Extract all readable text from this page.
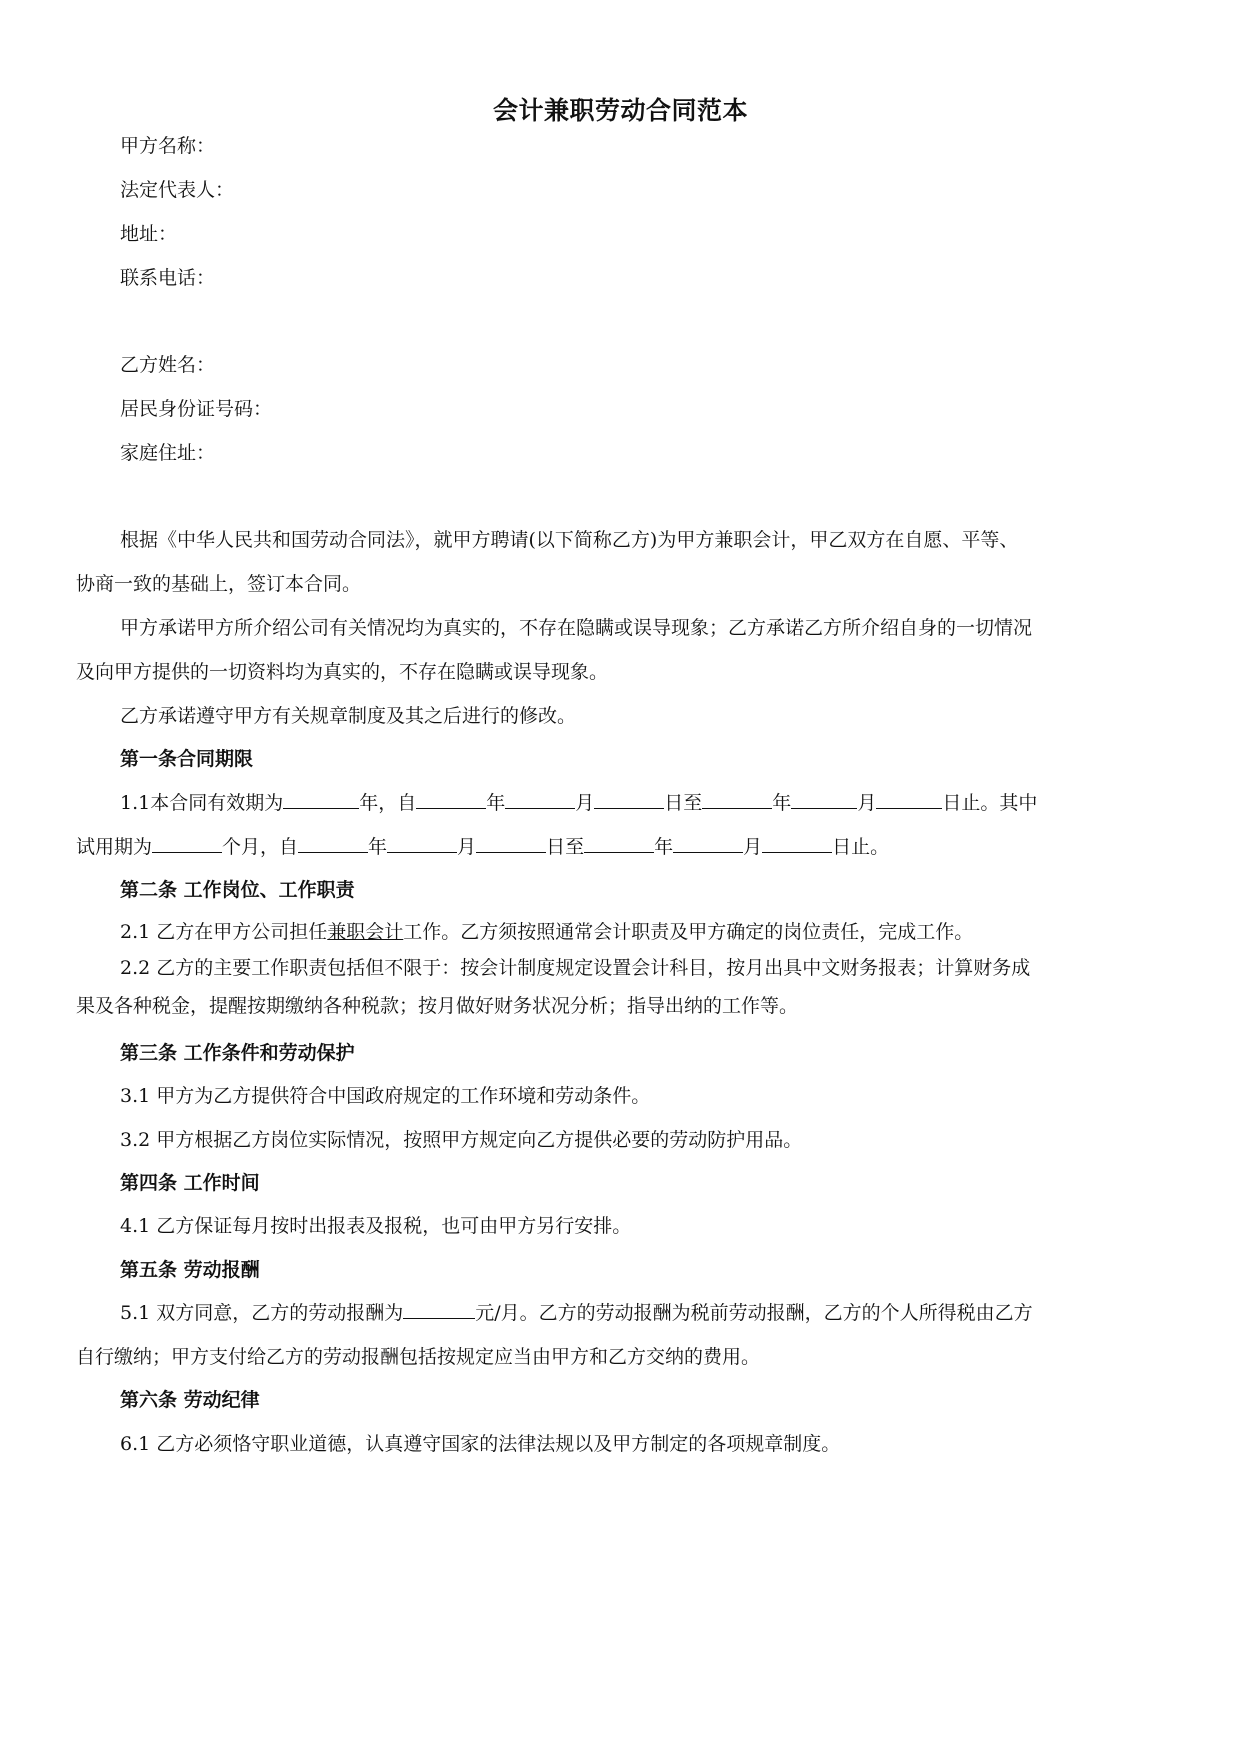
会计兼职劳动合同范本
甲方名称：
法定代表人：
地址：
联系电话：
乙方姓名：
居民身份证号码：
家庭住址：
根据《中华人民共和国劳动合同法》，就甲方聘请(以下简称乙方)为甲方兼职会计，甲乙双方在自愿、平等、
协商一致的基础上，签订本合同。
甲方承诺甲方所介绍公司有关情况均为真实的，不存在隐瞒或误导现象；乙方承诺乙方所介绍自身的一切情况
及向甲方提供的一切资料均为真实的，不存在隐瞒或误导现象。
乙方承诺遵守甲方有关规章制度及其之后进行的修改。
第一条合同期限
1.1本合同有效期为	年，自	年	月	日至	年	月	日止。其中
试用期为	个月，自	年	月	日至	年	月	日止。
第二条 工作岗位、工作职责
2.1 乙方在甲方公司担任兼职会计工作。乙方须按照通常会计职责及甲方确定的岗位责任，完成工作。
2.2 乙方的主要工作职责包括但不限于：按会计制度规定设置会计科目，按月出具中文财务报表；计算财务成
果及各种税金，提醒按期缴纳各种税款；按月做好财务状况分析；指导出纳的工作等。
第三条 工作条件和劳动保护
3.1 甲方为乙方提供符合中国政府规定的工作环境和劳动条件。
3.2 甲方根据乙方岗位实际情况，按照甲方规定向乙方提供必要的劳动防护用品。
第四条 工作时间
4.1 乙方保证每月按时出报表及报税，也可由甲方另行安排。
第五条 劳动报酬
5.1 双方同意，乙方的劳动报酬为	元/月。乙方的劳动报酬为税前劳动报酬，乙方的个人所得税由乙方
自行缴纳；甲方支付给乙方的劳动报酬包括按规定应当由甲方和乙方交纳的费用。
第六条 劳动纪律
6.1 乙方必须恪守职业道德，认真遵守国家的法律法规以及甲方制定的各项规章制度。
